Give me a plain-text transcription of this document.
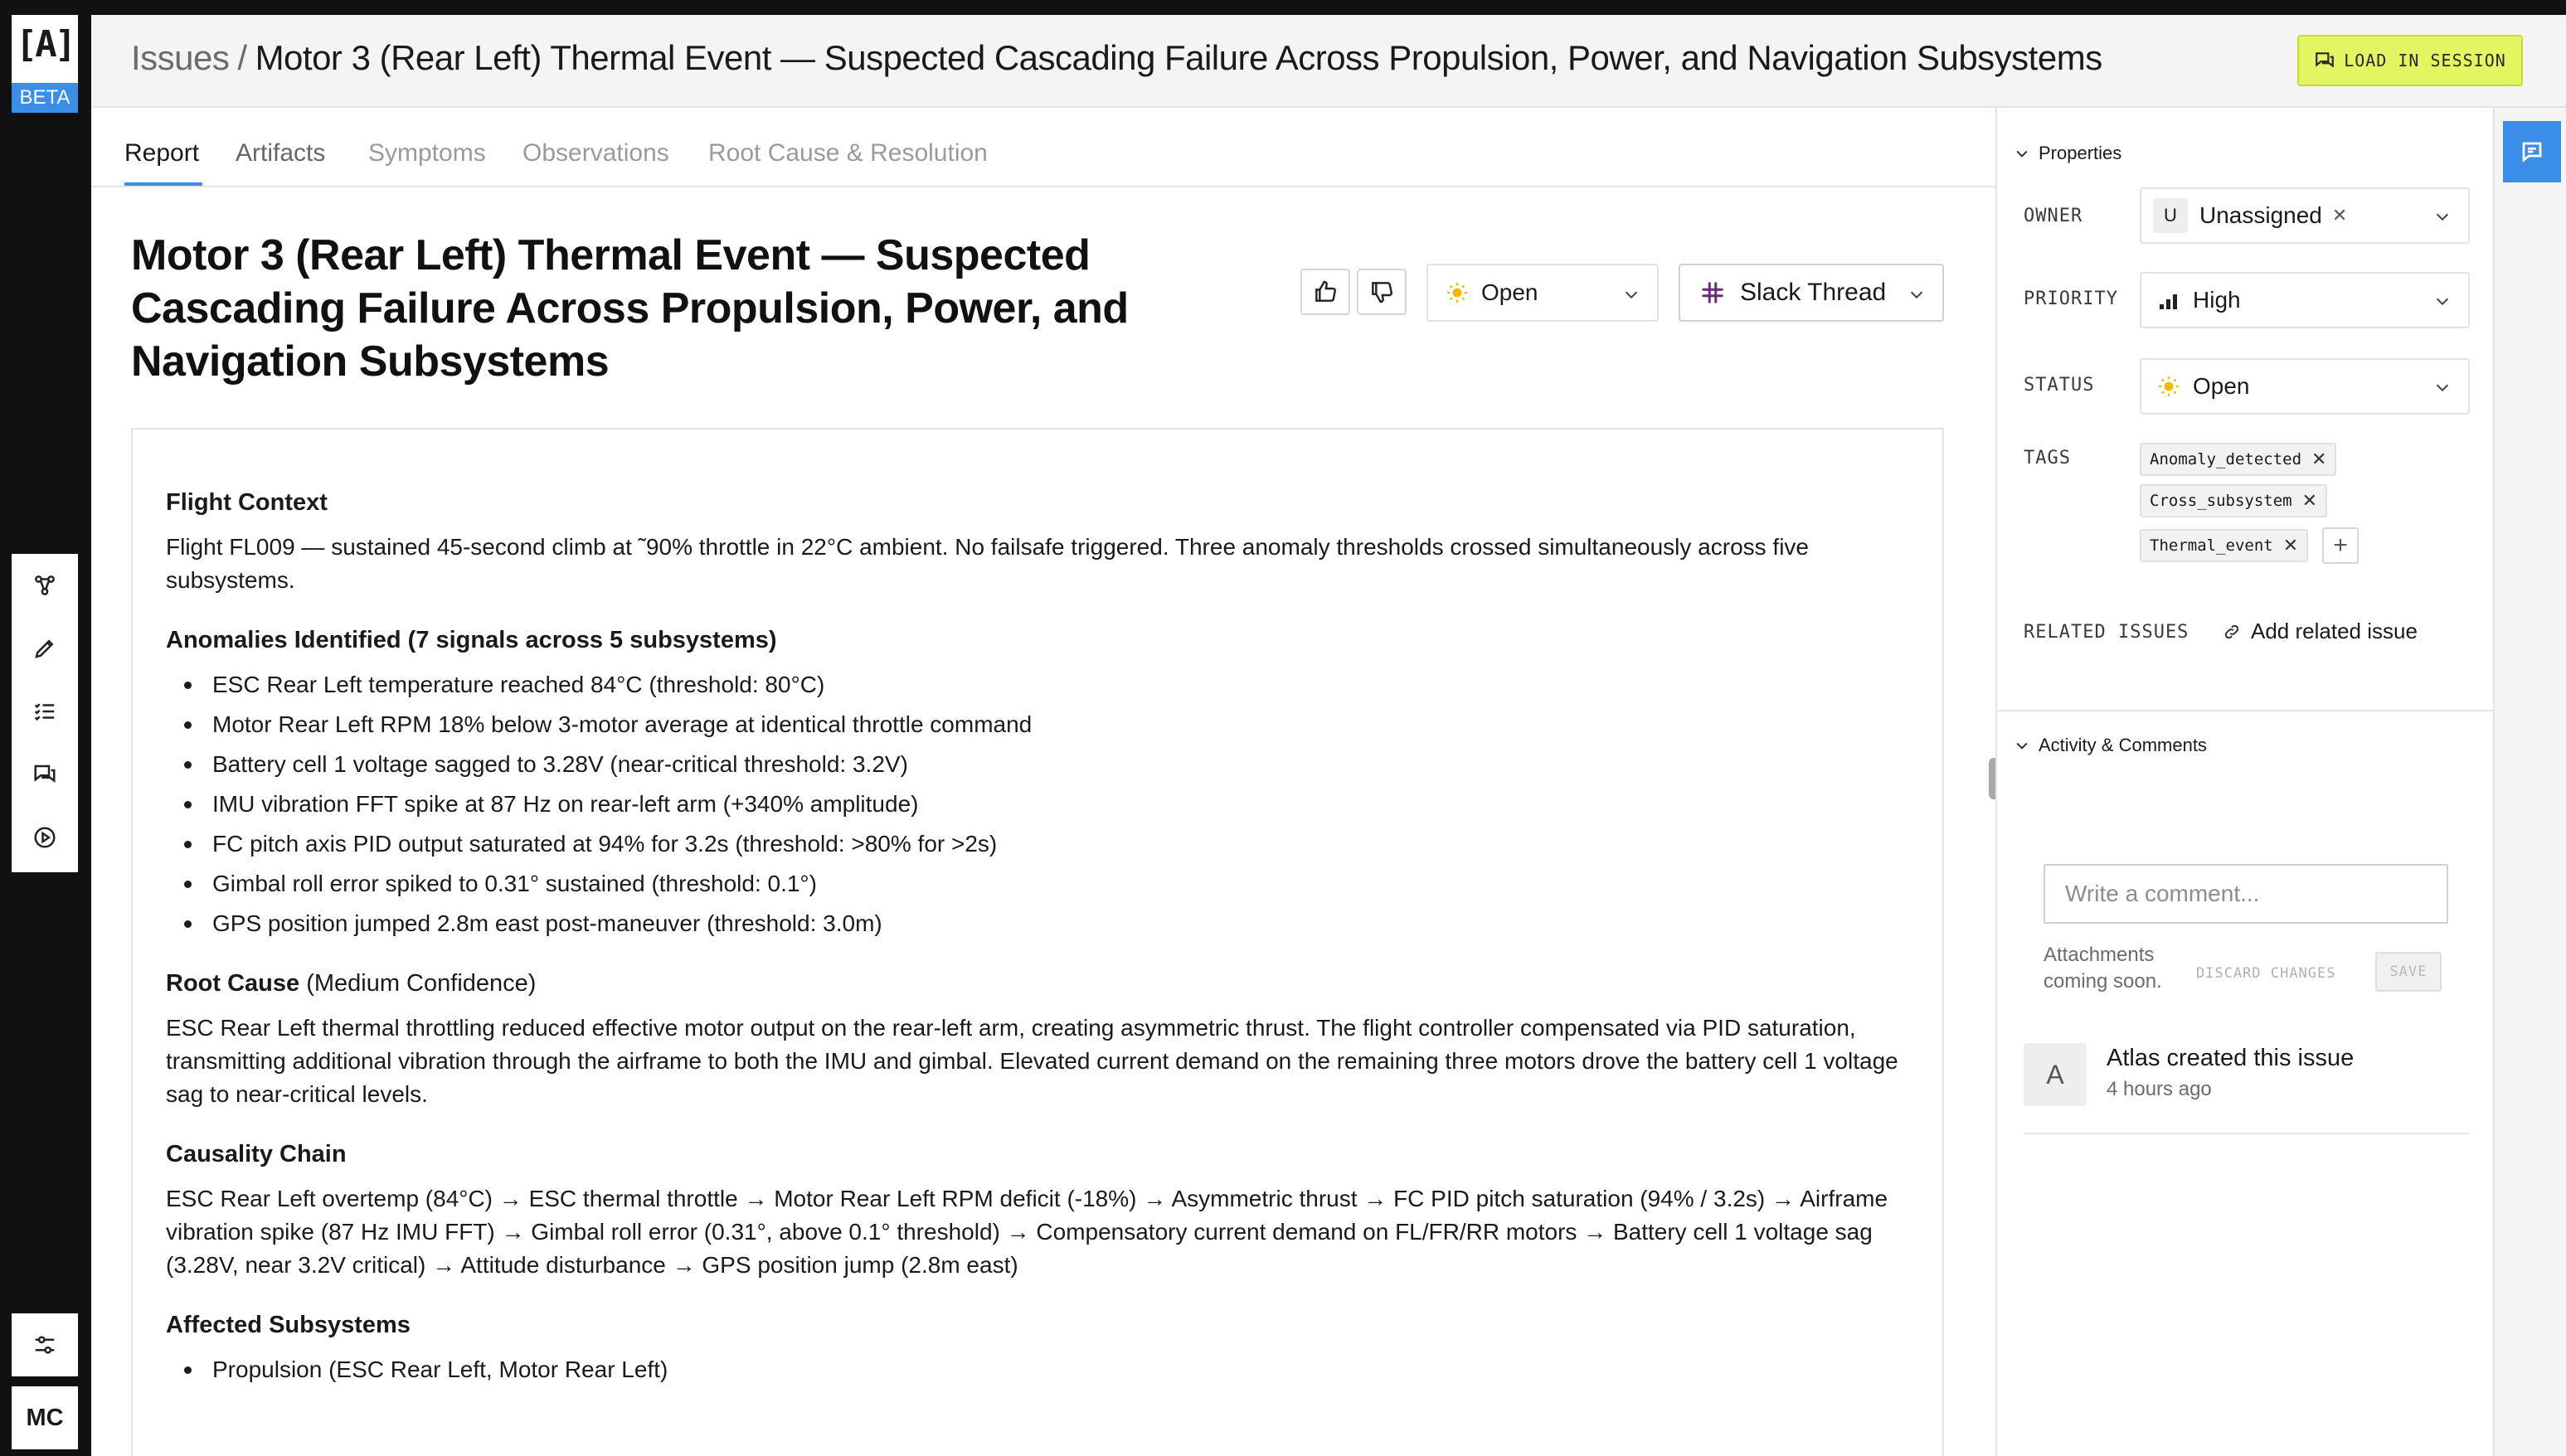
[A]
BETA
MC
Issues / Motor 3 (Rear Left) Thermal Event — Suspected Cascading Failure Across Propulsion, Power, and Navigation Subsystems	LOAD IN SESSION
Report Artifacts Symptoms Observations Root Cause & Resolution
Motor 3 (Rear Left) Thermal Event — Suspected Cascading Failure Across Propulsion, Power, and Navigation Subsystems
Open	Slack Thread
Flight Context
Flight FL009 — sustained 45-second climb at ˜90% throttle in 22°C ambient. No failsafe triggered. Three anomaly thresholds crossed simultaneously across five subsystems.
Anomalies Identified (7 signals across 5 subsystems)
ESC Rear Left temperature reached 84°C (threshold: 80°C)
Motor Rear Left RPM 18% below 3-motor average at identical throttle command
Battery cell 1 voltage sagged to 3.28V (near-critical threshold: 3.2V)
IMU vibration FFT spike at 87 Hz on rear-left arm (+340% amplitude)
FC pitch axis PID output saturated at 94% for 3.2s (threshold: >80% for >2s)
Gimbal roll error spiked to 0.31° sustained (threshold: 0.1°)
GPS position jumped 2.8m east post-maneuver (threshold: 3.0m)
Root Cause (Medium Confidence)
ESC Rear Left thermal throttling reduced effective motor output on the rear-left arm, creating asymmetric thrust. The flight controller compensated via PID saturation, transmitting additional vibration through the airframe to both the IMU and gimbal. Elevated current demand on the remaining three motors drove the battery cell 1 voltage sag to near-critical levels.
Causality Chain
ESC Rear Left overtemp (84°C) → ESC thermal throttle → Motor Rear Left RPM deficit (-18%) → Asymmetric thrust → FC PID pitch saturation (94% / 3.2s) → Airframe vibration spike (87 Hz IMU FFT) → Gimbal roll error (0.31°, above 0.1° threshold) → Compensatory current demand on FL/FR/RR motors → Battery cell 1 voltage sag (3.28V, near 3.2V critical) → Attitude disturbance → GPS position jump (2.8m east)
Affected Subsystems
Propulsion (ESC Rear Left, Motor Rear Left)
Properties
OWNER	U Unassigned ✕
PRIORITY	High
STATUS	Open
TAGS	Anomaly_detected ✕
Cross_subsystem ✕
Thermal_event ✕ +
RELATED ISSUES	Add related issue
Activity & Comments
Write a comment...
Attachments coming soon.	DISCARD CHANGES	SAVE
A
Atlas created this issue
4 hours ago
